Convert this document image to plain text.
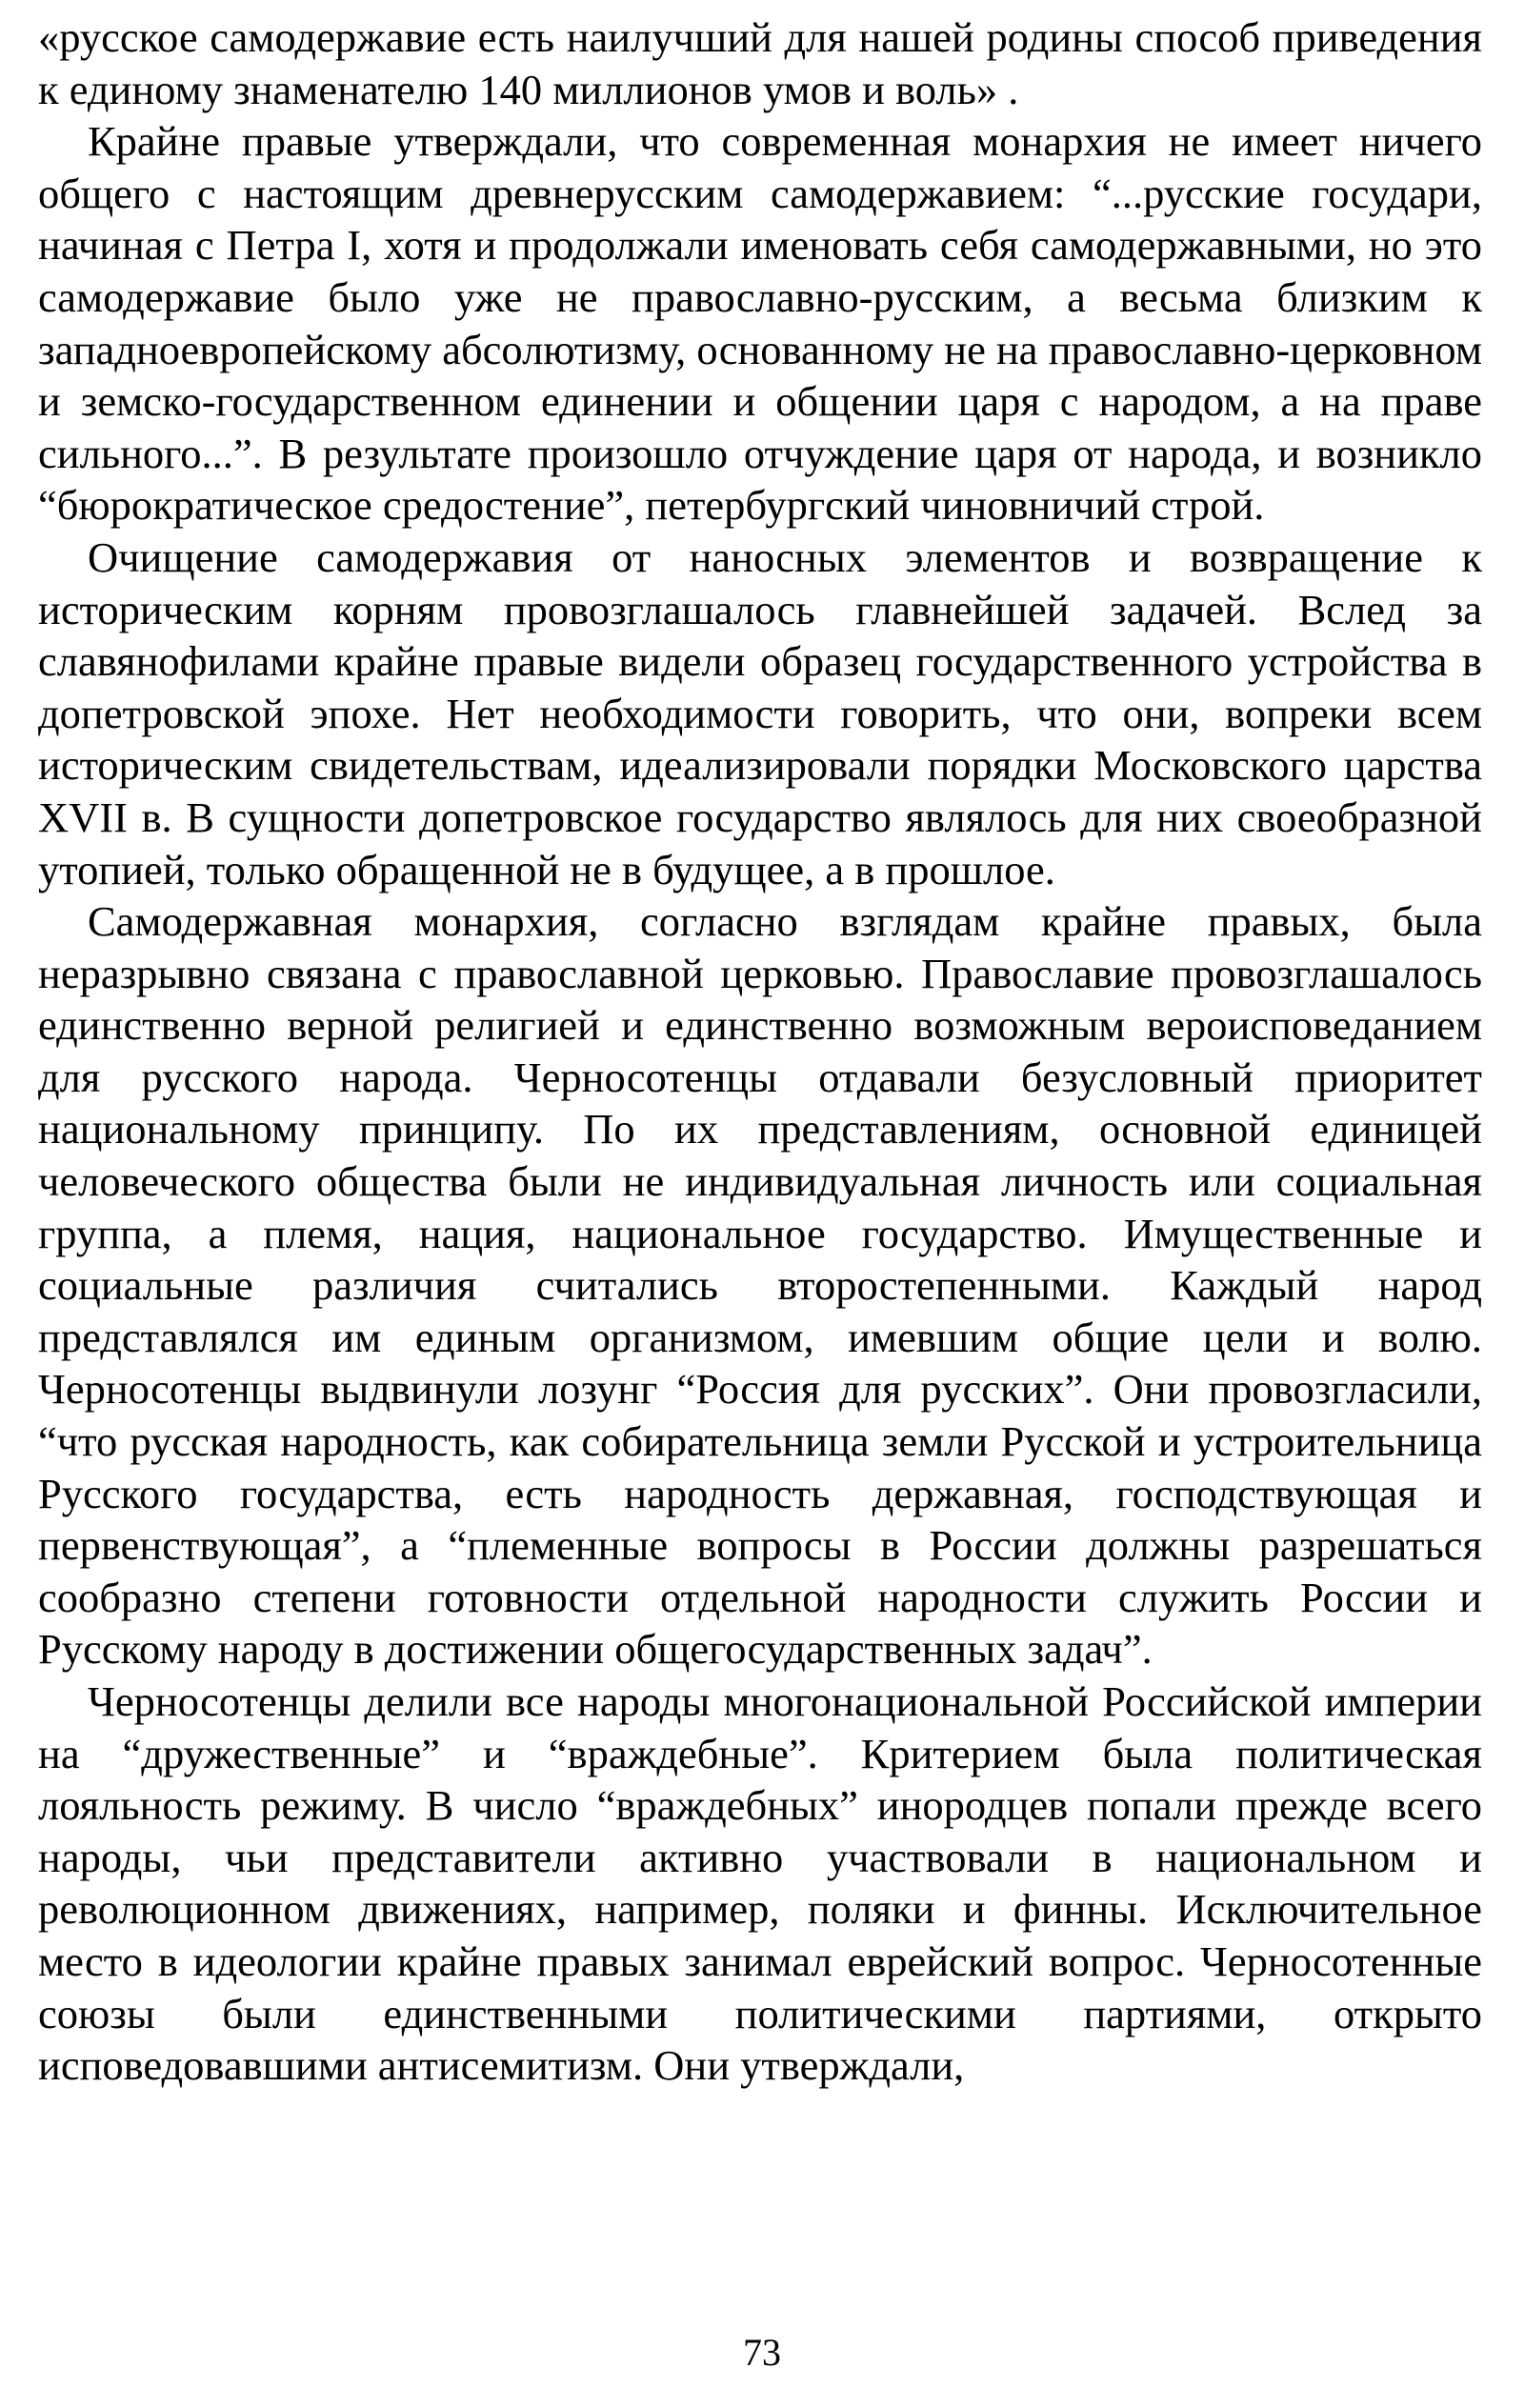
«русское самодержавие есть наилучший для нашей родины способ приведения к единому знаменателю 140 миллионов умов и воль» .

Крайне правые утверждали, что современная монархия не имеет ничего общего с настоящим древнерусским самодержавием: “...русские государи, начиная с Петра I, хотя и продолжали именовать себя самодержавными, но это самодержавие было уже не православно-русским, а весьма близким к западноевропейскому абсолютизму, основанному не на православно-церковном и земско-государственном единении и общении царя с народом, а на праве сильного...”. В результате произошло отчуждение царя от народа, и возникло “бюрократическое средостение”, петербургский чиновничий строй.

Очищение самодержавия от наносных элементов и возвращение к историческим корням провозглашалось главнейшей задачей. Вслед за славянофилами крайне правые видели образец государственного устройства в допетровской эпохе. Нет необходимости говорить, что они, вопреки всем историческим свидетельствам, идеализировали порядки Московского царства XVII в. В сущности допетровское государство являлось для них своеобразной утопией, только обращенной не в будущее, а в прошлое.

Самодержавная монархия, согласно взглядам крайне правых, была неразрывно связана с православной церковью. Православие провозглашалось единственно верной религией и единственно возможным вероисповеданием для русского народа. Черносотенцы отдавали безусловный приоритет национальному принципу. По их представлениям, основной единицей человеческого общества были не индивидуальная личность или социальная группа, а племя, нация, национальное государство. Имущественные и социальные различия считались второстепенными. Каждый народ представлялся им единым организмом, имевшим общие цели и волю. Черносотенцы выдвинули лозунг “Россия для русских”. Они провозгласили, “что русская народность, как собирательница земли Русской и устроительница Русского государства, есть народность державная, господствующая и первенствующая”, а “племенные вопросы в России должны разрешаться сообразно степени готовности отдельной народности служить России и Русскому народу в достижении общегосударственных задач”.

Черносотенцы делили все народы многонациональной Российской империи на “дружественные” и “враждебные”. Критерием была политическая лояльность режиму. В число “враждебных” инородцев попали прежде всего народы, чьи представители активно участвовали в национальном и революционном движениях, например, поляки и финны. Исключительное место в идеологии крайне правых занимал еврейский вопрос. Черносотенные союзы были единственными политическими партиями, открыто исповедовавшими антисемитизм. Они утверждали,

73
